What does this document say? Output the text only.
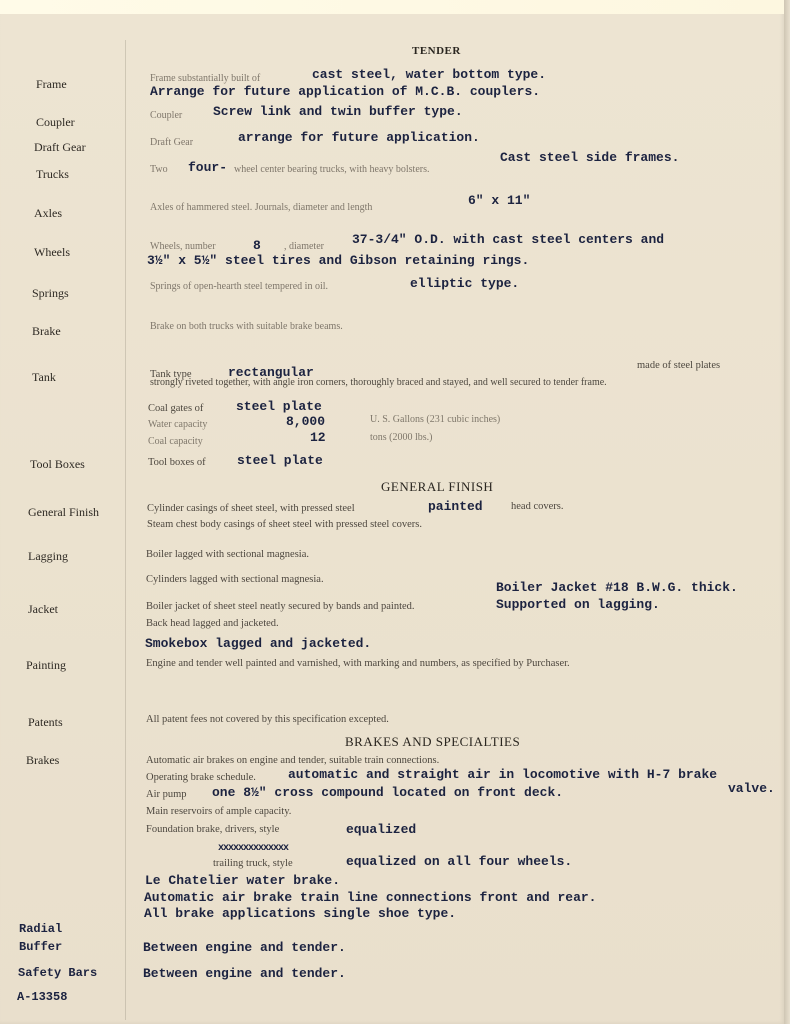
TENDER
Frame	Frame substantially built of	cast steel, water bottom type.
Arrange for future application of M.C.B. couplers.
Coupler	Coupler Screw link and twin buffer type.
Draft Gear	Draft Gear	arrange for future application.
Trucks	Two four- wheel center bearing trucks, with heavy bolsters.
Cast steel side frames.
Axles	Axles of hammered steel. Journals, diameter and length	6" x 11"
Wheels	Wheels, number	8 , diameter 37-3/4" O.D. with cast steel centers and
3½" x 5½" steel tires and Gibson retaining rings.
Springs	Springs of open-hearth steel tempered in oil.	elliptic type.
Brake	Brake on both trucks with suitable brake beams.
Tank	Tank type	rectangular	made of steel plates
strongly riveted together, with angle iron corners, thoroughly braced and stayed, and well secured to tender frame.
Coal gates of	steel plate
Water capacity	8,000	U. S. Gallons (231 cubic inches)
Coal capacity	12	tons (2000 lbs.)
Tool Boxes	Tool boxes of steel plate
GENERAL FINISH
General Finish	Cylinder casings of sheet steel, with pressed steel	painted	head covers.
Steam chest body casings of sheet steel with pressed steel covers.
Lagging	Boiler lagged with sectional magnesia.
Cylinders lagged with sectional magnesia.
Boiler Jacket #18 B.W.G. thick.
Supported on lagging.
Jacket	Boiler jacket of sheet steel neatly secured by bands and painted.
Back head lagged and jacketed.
Smokebox lagged and jacketed.
Painting	Engine and tender well painted and varnished, with marking and numbers, as specified by Purchaser.
Patents	All patent fees not covered by this specification excepted.
BRAKES AND SPECIALTIES
Brakes	Automatic air brakes on engine and tender, suitable train connections.
Operating brake schedule. automatic and straight air in locomotive with H-7 brake
valve.
Air pump one 8½" cross compound located on front deck.
Main reservoirs of ample capacity.
Foundation brake, drivers, style	equalized
xxxxxxxxxxxxxx
trailing truck, style	equalized on all four wheels.
Le Chatelier water brake.
Automatic air brake train line connections front and rear.
All brake applications single shoe type.
Radial
Buffer	Between engine and tender.
Safety Bars	Between engine and tender.
A-13358
